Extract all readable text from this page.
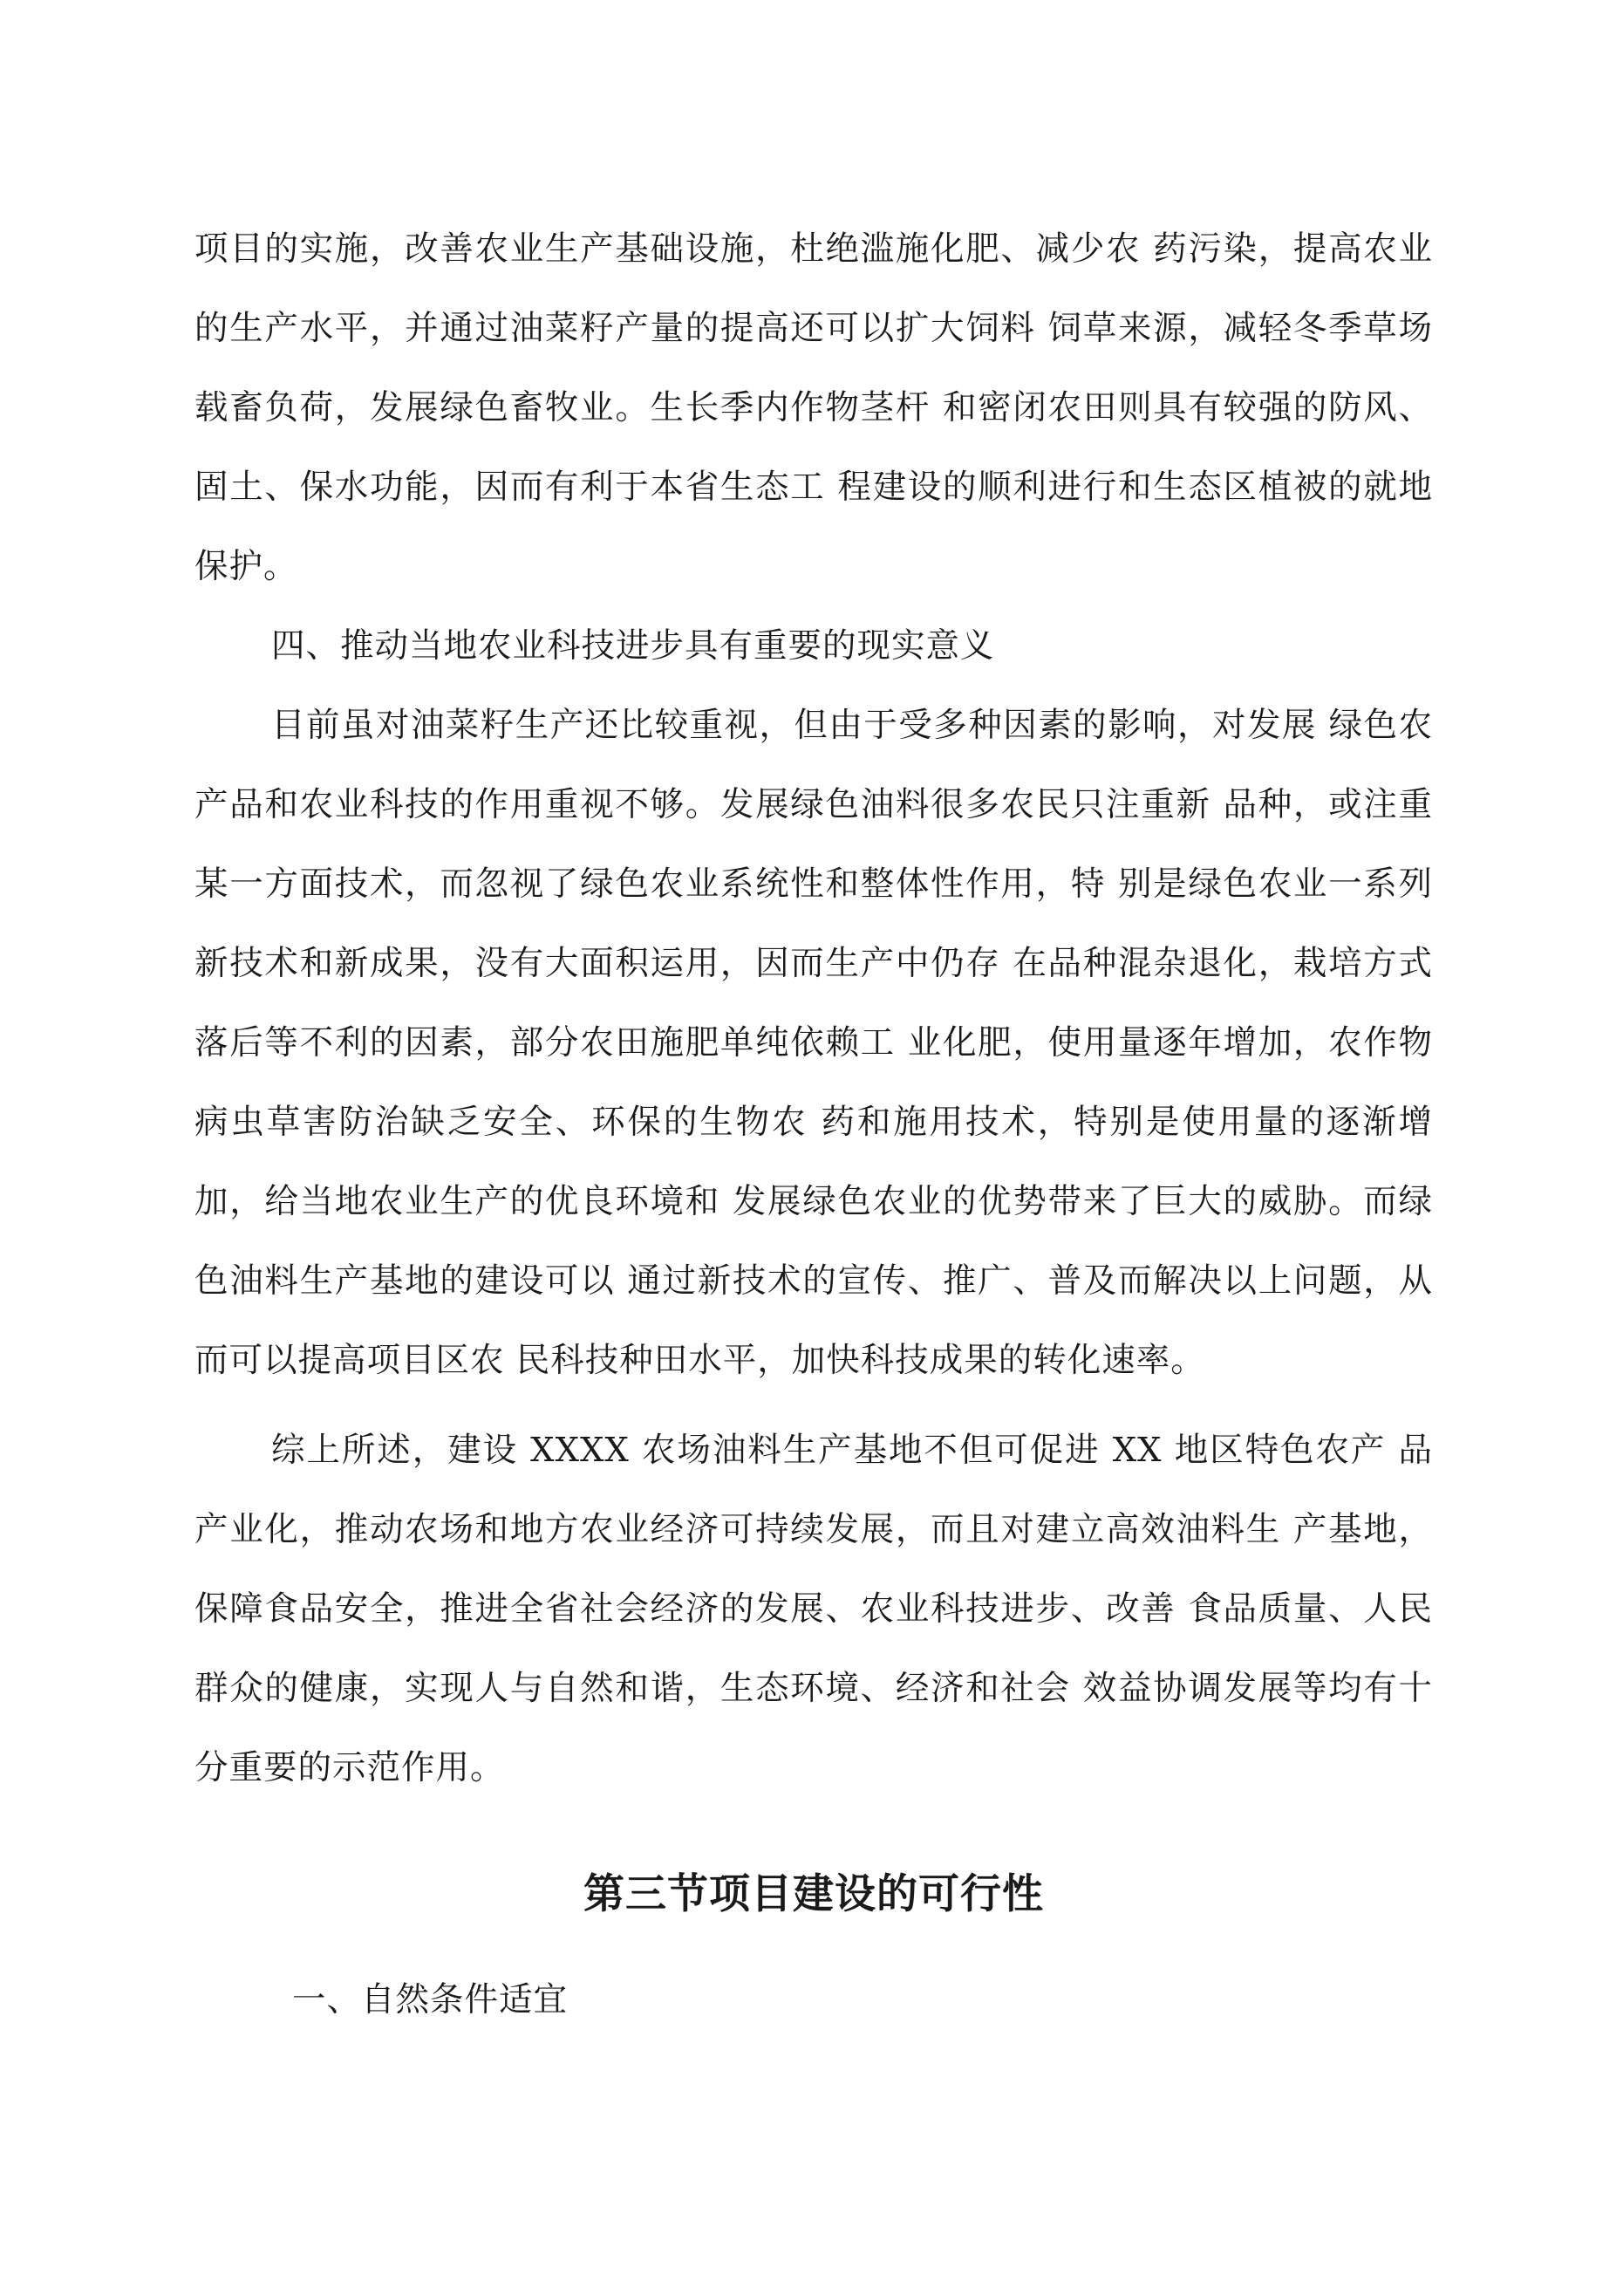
项目的实施，改善农业生产基础设施，杜绝滥施化肥、减少农 药污染，提高农业的生产水平，并通过油菜籽产量的提高还可以扩大饲料 饲草来源，减轻冬季草场载畜负荷，发展绿色畜牧业。生长季内作物茎杆 和密闭农田则具有较强的防风、固土、保水功能，因而有利于本省生态工 程建设的顺利进行和生态区植被的就地保护。

四、推动当地农业科技进步具有重要的现实意义

目前虽对油菜籽生产还比较重视，但由于受多种因素的影响，对发展 绿色农产品和农业科技的作用重视不够。发展绿色油料很多农民只注重新 品种，或注重某一方面技术，而忽视了绿色农业系统性和整体性作用，特 别是绿色农业一系列新技术和新成果，没有大面积运用，因而生产中仍存 在品种混杂退化，栽培方式落后等不利的因素，部分农田施肥单纯依赖工 业化肥，使用量逐年增加，农作物病虫草害防治缺乏安全、环保的生物农 药和施用技术，特别是使用量的逐渐增加，给当地农业生产的优良环境和 发展绿色农业的优势带来了巨大的威胁。而绿色油料生产基地的建设可以 通过新技术的宣传、推广、普及而解决以上问题，从而可以提高项目区农 民科技种田水平，加快科技成果的转化速率。

综上所述，建设 XXXX 农场油料生产基地不但可促进 XX 地区特色农产 品产业化，推动农场和地方农业经济可持续发展，而且对建立高效油料生 产基地，保障食品安全，推进全省社会经济的发展、农业科技进步、改善 食品质量、人民群众的健康，实现人与自然和谐，生态环境、经济和社会 效益协调发展等均有十分重要的示范作用。

第三节项目建设的可行性

一、自然条件适宜
